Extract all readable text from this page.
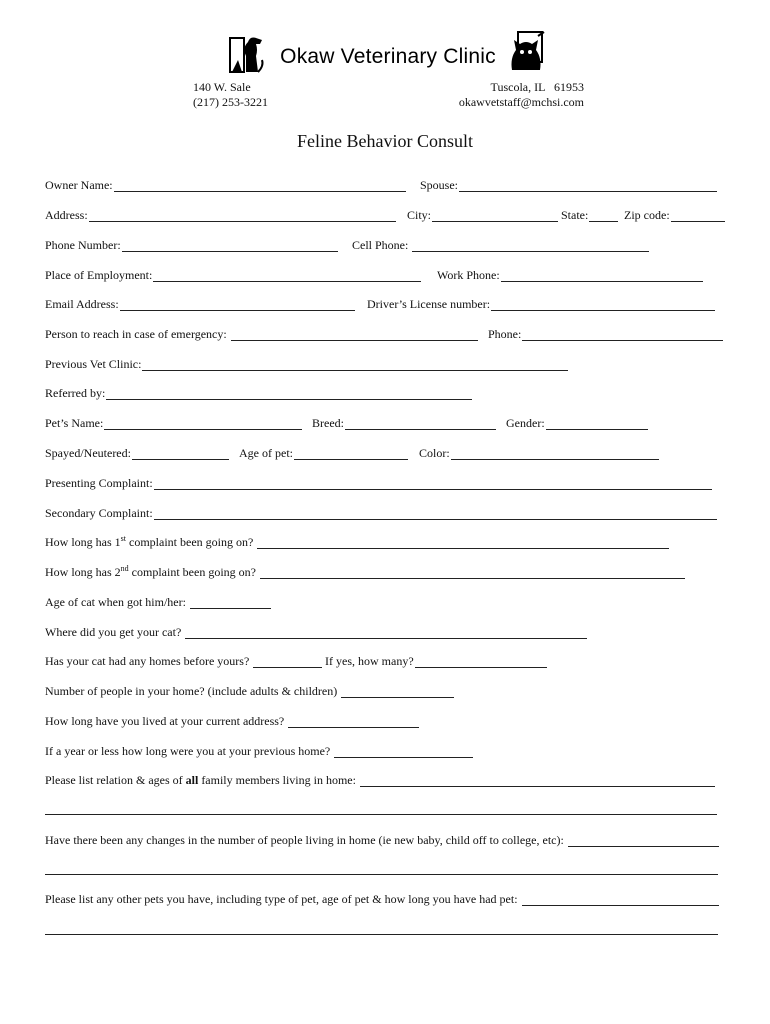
Okaw Veterinary Clinic
140 W. Sale
(217) 253-3221
Tuscola, IL   61953
okawvetstaff@mchsi.com
Feline Behavior Consult
Owner Name:	Spouse:
Address:	City:	State:	Zip code:
Phone Number:	Cell Phone:
Place of Employment:	Work Phone:
Email Address:	Driver’s License number:
Person to reach in case of emergency:	Phone:
Previous Vet Clinic:
Referred by:
Pet’s Name:	Breed:	Gender:
Spayed/Neutered:	Age of pet:	Color:
Presenting Complaint:
Secondary Complaint:
How long has 1st complaint been going on?
How long has 2nd complaint been going on?
Age of cat when got him/her:
Where did you get your cat?
Has your cat had any homes before yours?	If yes, how many?
Number of people in your home? (include adults & children)
How long have you lived at your current address?
If a year or less how long were you at your previous home?
Please list relation & ages of all family members living in home:
Have there been any changes in the number of people living in home (ie new baby, child off to college, etc):
Please list any other pets you have, including type of pet, age of pet & how long you have had pet:
